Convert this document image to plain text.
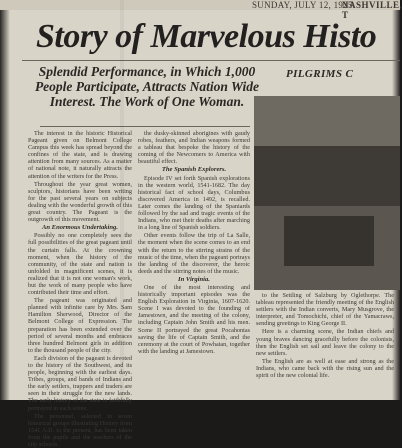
SUNDAY, JULY 12, 1925
NASHVILLE, T
Story of Marvelous Histo
Splendid Performance, in Which 1,000 People Participate, Attracts Nation Wide Interest. The Work of One Woman.
PILGRIMS C

The interest in the historic Historical Pageant given on Belmont College Campus this week has spread beyond the confines of the state, and is drawing attention from many sources. As a matter of national note, it naturally attracts the attention of the writers for the Press.

Throughout the year great women, sculptors, historians have been writing for the past several years on subjects dealing with the wonderful growth of this great country. The Pageant is the outgrowth of this movement.

An Enormous Undertaking.

Possibly no one completely sees the full possibilities of the great pageant until the curtain falls. At the crowning moment, when the history of the community, of the state and nation is unfolded in magnificent scenes, it is realized that it is not one woman's work, but the work of many people who have contributed their time and effort.

The pageant was originated and planned with infinite care by Mrs. Sam Hamilton Sherwood, Director of the Belmont College of Expression. The preparation has been extended over the period of several months and embraces three hundred Belmont girls in addition to the thousand people of the city.

Each division of the pageant is devoted to the history of the Southwest, and its people, beginning with the earliest days. Tribes, groups, and bands of Indians and the early settlers, trappers and traders are seen in their struggle for the new lands. The early history of the state is faithfully portrayed in each scene.

The personnel, selected in seven historical groups illustrating History from 1541 A.D. to the present, has been taken from the pupils and the teachers of the city schools.

the dusky-skinned aborigines with gaudy robes, feathers, and Indian weapons formed a tableau that bespoke the history of the coming of the Newcomers to America with beautiful effect.

The Spanish Explorers.

Episode IV set forth Spanish explorations in the western world, 1541-1682. The day historical fact of school days, Columbus discovered America in 1492, is recalled. Later comes the landing of the Spaniards followed by the sad and tragic events of the Indians, who met their deaths after marching in a long line of Spanish soldiers.

Other events follow the trip of La Salle, the moment when the scene comes to an end with the return to the stirring strains of the music of the time, when the pageant portrays the landing of the discoverer, the heroic deeds and the stirring notes of the music.

In Virginia.

One of the most interesting and historically important episodes was the English Exploration in Virginia, 1607-1620. Scene I was devoted to the founding of Jamestown, and the meeting of the colony, including Captain John Smith and his men. Scene II portrayed the great Pocahontas saving the life of Captain Smith, and the ceremony at the court of Powhatan, together with the landing at Jamestown.

to the Settling of Salzburg by Oglethorpe. The tableau represented the friendly meeting of the English settlers with the Indian converts, Mary Musgrove, the interpreter, and Tomochichi, chief of the Yamacraws, sending greetings to King George II.

Here is a charming scene, the Indian chiefs and young braves dancing gracefully before the colonists, then the English set sail and leave the colony to the new settlers.

The English are as well at ease and strong as the Indians, who came back with the rising sun and the spirit of the new colonial life.
